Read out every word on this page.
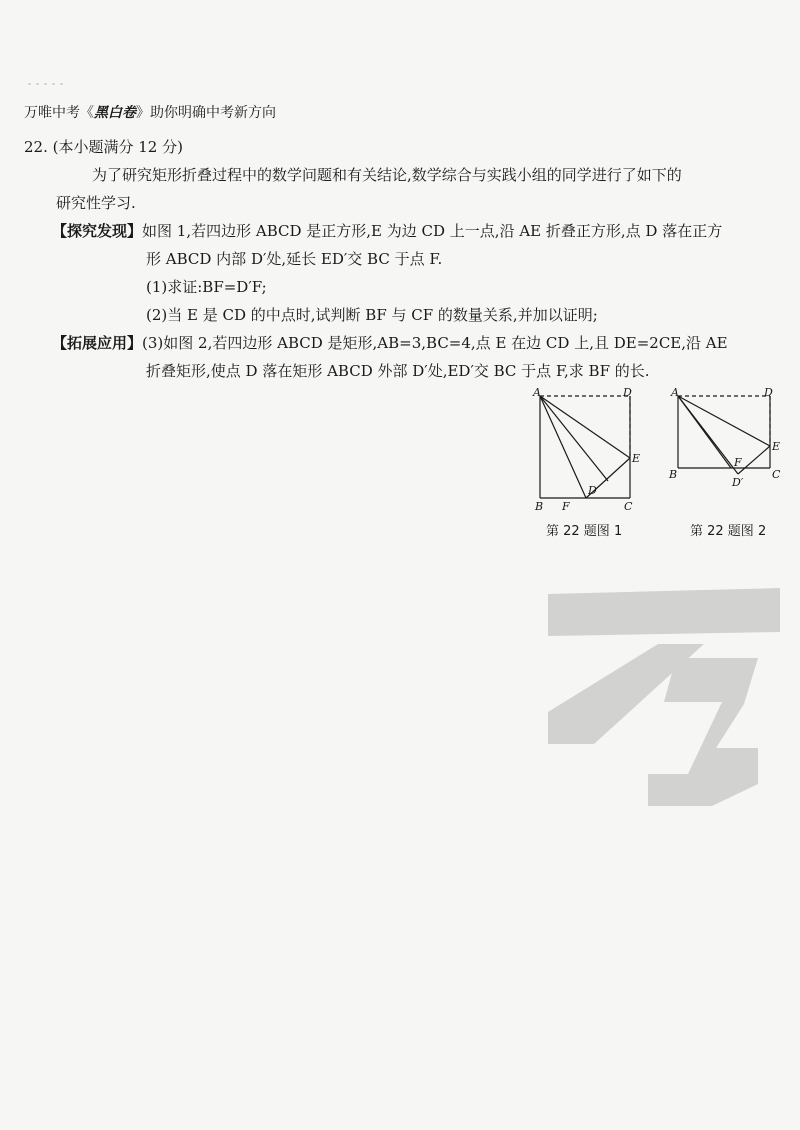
万唯中考《黑白卷》助你明确中考新方向
22. (本小题满分 12 分)
为了研究矩形折叠过程中的数学问题和有关结论,数学综合与实践小组的同学进行了如下的
研究性学习.
【探究发现】如图 1,若四边形 ABCD 是正方形,E 为边 CD 上一点,沿 AE 折叠正方形,点 D 落在正方
形 ABCD 内部 D′处,延长 ED′交 BC 于点 F.
(1)求证:BF=D′F;
(2)当 E 是 CD 的中点时,试判断 BF 与 CF 的数量关系,并加以证明;
【拓展应用】(3)如图 2,若四边形 ABCD 是矩形,AB=3,BC=4,点 E 在边 CD 上,且 DE=2CE,沿 AE
折叠矩形,使点 D 落在矩形 ABCD 外部 D′处,ED′交 BC 于点 F,求 BF 的长.
A	D
E
D′
B F	C
第 22 题图 1
A	D
E
F
D′
B	C
第 22 题图 2
